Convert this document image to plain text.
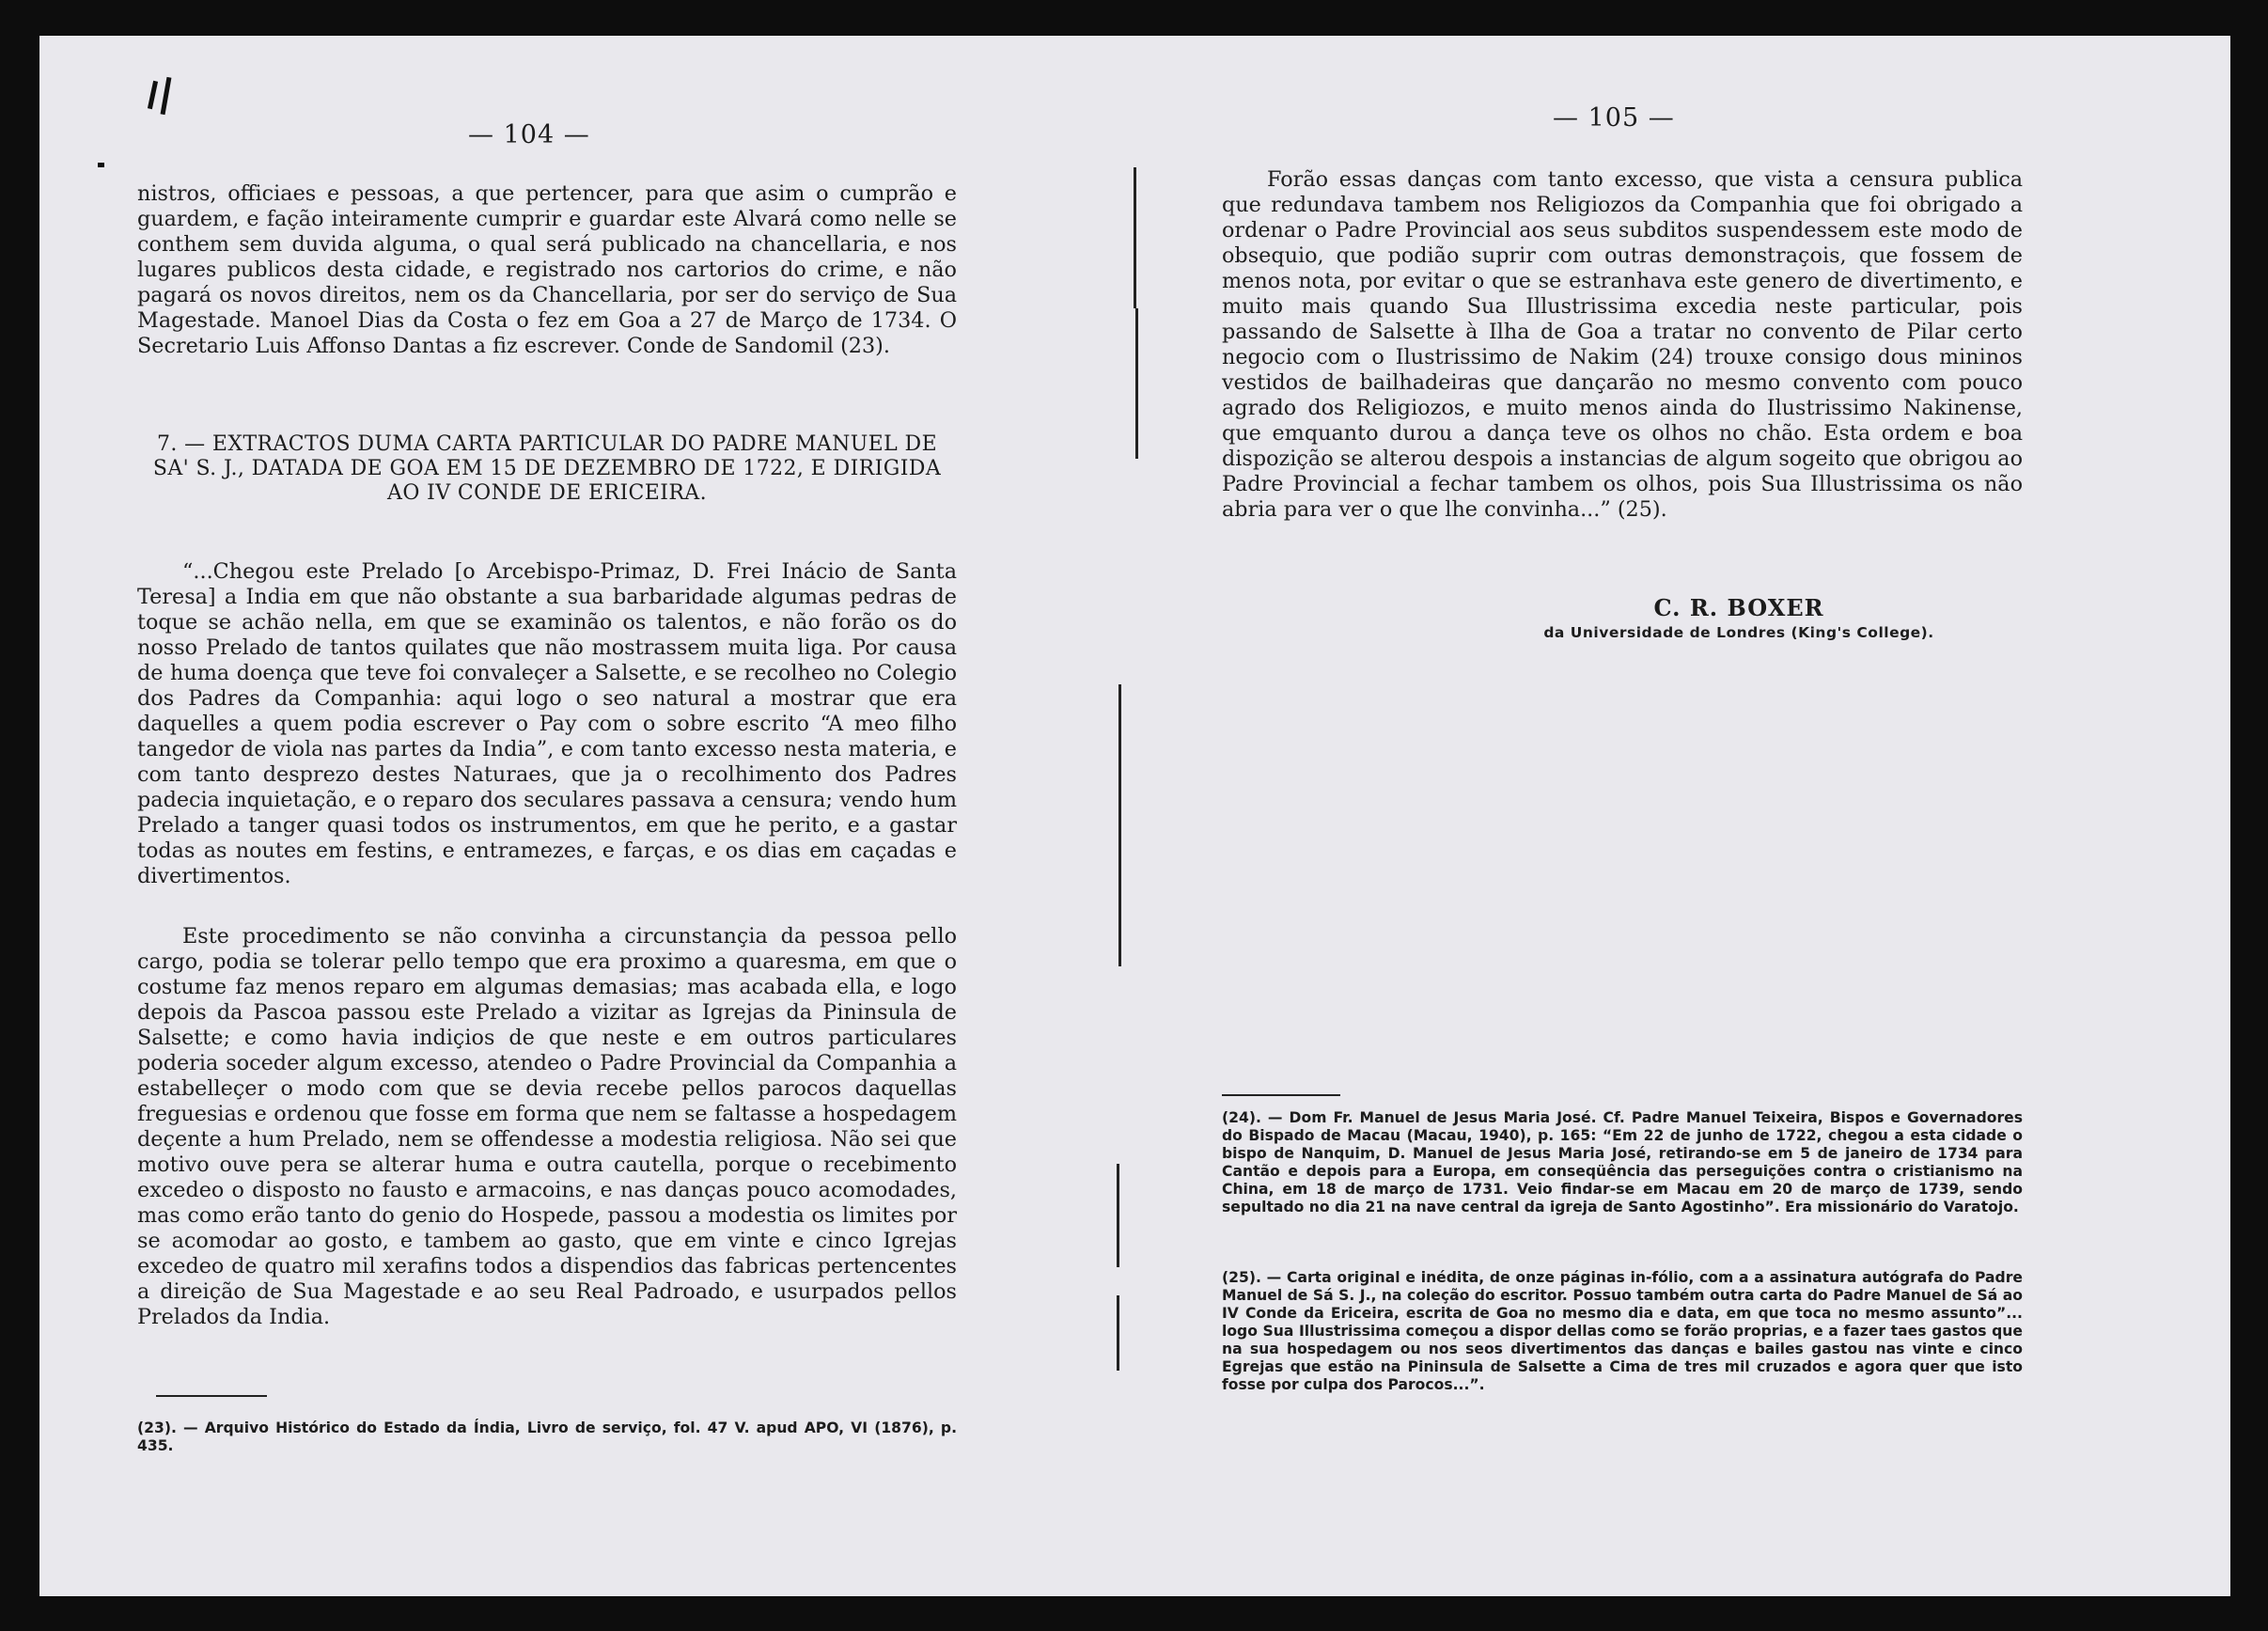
— 104 —

nistros, officiaes e pessoas, a que pertencer, para que asim o cumprão e guardem, e fação inteiramente cumprir e guardar este Alvará como nelle se conthem sem duvida alguma, o qual será publicado na chancellaria, e nos lugares publicos desta cidade, e registrado nos cartorios do crime, e não pagará os novos direitos, nem os da Chancellaria, por ser do serviço de Sua Magestade. Manoel Dias da Costa o fez em Goa a 27 de Março de 1734. O Secretario Luis Affonso Dantas a fiz escrever. Conde de Sandomil (23).

7. — EXTRACTOS DUMA CARTA PARTICULAR DO PADRE MANUEL DE SA' S. J., DATADA DE GOA EM 15 DE DEZEMBRO DE 1722, E DIRIGIDA AO IV CONDE DE ERICEIRA.

“...Chegou este Prelado [o Arcebispo-Primaz, D. Frei Inácio de Santa Teresa] a India em que não obstante a sua barbaridade algumas pedras de toque se achão nella, em que se examinão os talentos, e não forão os do nosso Prelado de tantos quilates que não mostrassem muita liga. Por causa de huma doença que teve foi convaleçer a Salsette, e se recolheo no Colegio dos Padres da Companhia: aqui logo o seo natural a mostrar que era daquelles a quem podia escrever o Pay com o sobre escrito “A meo filho tangedor de viola nas partes da India”, e com tanto excesso nesta materia, e com tanto desprezo destes Naturaes, que ja o recolhimento dos Padres padecia inquietação, e o reparo dos seculares passava a censura; vendo hum Prelado a tanger quasi todos os instrumentos, em que he perito, e a gastar todas as noutes em festins, e entramezes, e farças, e os dias em caçadas e divertimentos.

Este procedimento se não convinha a circunstançia da pessoa pello cargo, podia se tolerar pello tempo que era proximo a quaresma, em que o costume faz menos reparo em algumas demasias; mas acabada ella, e logo depois da Pascoa passou este Prelado a vizitar as Igrejas da Pininsula de Salsette; e como havia indiçios de que neste e em outros particulares poderia soceder algum excesso, atendeo o Padre Provincial da Companhia a estabelleçer o modo com que se devia recebe pellos parocos daquellas freguesias e ordenou que fosse em forma que nem se faltasse a hospedagem deçente a hum Prelado, nem se offendesse a modestia religiosa. Não sei que motivo ouve pera se alterar huma e outra cautella, porque o recebimento excedeo o disposto no fausto e armacoins, e nas danças pouco acomodades, mas como erão tanto do genio do Hospede, passou a modestia os limites por se acomodar ao gosto, e tambem ao gasto, que em vinte e cinco Igrejas excedeo de quatro mil xerafins todos a dispendios das fabricas pertencentes a direição de Sua Magestade e ao seu Real Padroado, e usurpados pellos Prelados da India.

(23). — Arquivo Histórico do Estado da Índia, Livro de serviço, fol. 47 V. apud APO, VI (1876), p. 435.

— 105 —

Forão essas danças com tanto excesso, que vista a censura publica que redundava tambem nos Religiozos da Companhia que foi obrigado a ordenar o Padre Provincial aos seus subditos suspendessem este modo de obsequio, que podião suprir com outras demonstraçois, que fossem de menos nota, por evitar o que se estranhava este genero de divertimento, e muito mais quando Sua Illustrissima excedia neste particular, pois passando de Salsette à Ilha de Goa a tratar no convento de Pilar certo negocio com o Ilustrissimo de Nakim (24) trouxe consigo dous mininos vestidos de bailhadeiras que dançarão no mesmo convento com pouco agrado dos Religiozos, e muito menos ainda do Ilustrissimo Nakinense, que emquanto durou a dança teve os olhos no chão. Esta ordem e boa dispozição se alterou despois a instancias de algum sogeito que obrigou ao Padre Provincial a fechar tambem os olhos, pois Sua Illustrissima os não abria para ver o que lhe convinha...” (25).

C. R. BOXER
da Universidade de Londres (King's College).

(24). — Dom Fr. Manuel de Jesus Maria José. Cf. Padre Manuel Teixeira, Bispos e Governadores do Bispado de Macau (Macau, 1940), p. 165: “Em 22 de junho de 1722, chegou a esta cidade o bispo de Nanquim, D. Manuel de Jesus Maria José, retirando-se em 5 de janeiro de 1734 para Cantão e depois para a Europa, em conseqüência das perseguições contra o cristianismo na China, em 18 de março de 1731. Veio findar-se em Macau em 20 de março de 1739, sendo sepultado no dia 21 na nave central da igreja de Santo Agostinho”. Era missionário do Varatojo.

(25). — Carta original e inédita, de onze páginas in-fólio, com a a assinatura autógrafa do Padre Manuel de Sá S. J., na coleção do escritor. Possuo também outra carta do Padre Manuel de Sá ao IV Conde da Ericeira, escrita de Goa no mesmo dia e data, em que toca no mesmo assunto”... logo Sua Illustrissima começou a dispor dellas como se forão proprias, e a fazer taes gastos que na sua hospedagem ou nos seos divertimentos das danças e bailes gastou nas vinte e cinco Egrejas que estão na Pininsula de Salsette a Cima de tres mil cruzados e agora quer que isto fosse por culpa dos Parocos...”.
